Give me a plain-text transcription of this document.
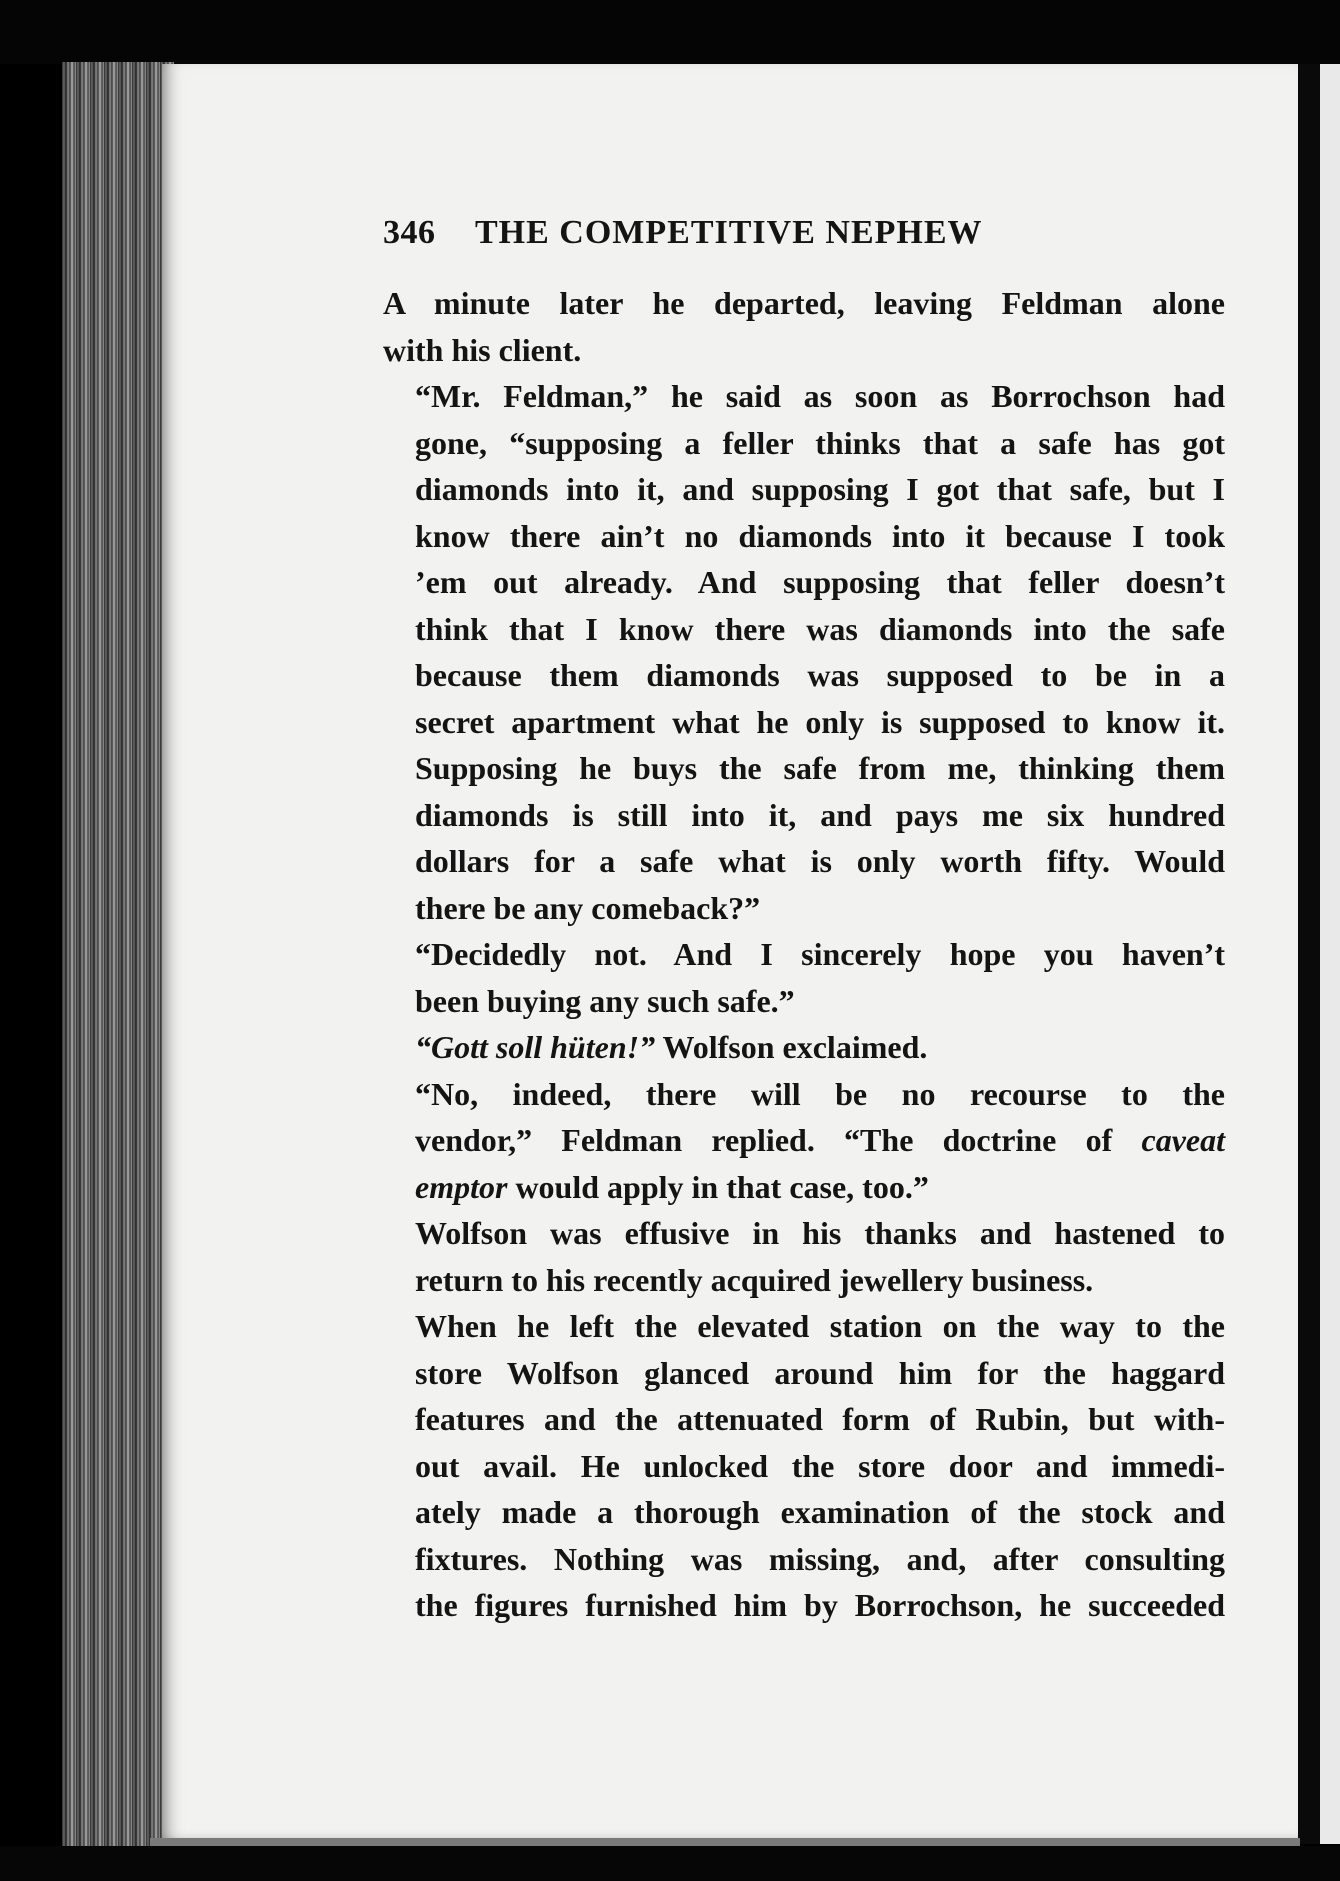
346	THE COMPETITIVE NEPHEW

A minute later he departed, leaving Feldman alone
with his client.

“Mr. Feldman,” he said as soon as Borrochson had
gone, “supposing a feller thinks that a safe has got
diamonds into it, and supposing I got that safe, but I
know there ain’t no diamonds into it because I took
’em out already. And supposing that feller doesn’t
think that I know there was diamonds into the safe
because them diamonds was supposed to be in a
secret apartment what he only is supposed to know it.
Supposing he buys the safe from me, thinking them
diamonds is still into it, and pays me six hundred
dollars for a safe what is only worth fifty. Would
there be any comeback?”

“Decidedly not. And I sincerely hope you haven’t
been buying any such safe.”

“Gott soll hüten!” Wolfson exclaimed.

“No, indeed, there will be no recourse to the
vendor,” Feldman replied. “The doctrine of caveat
emptor would apply in that case, too.”

Wolfson was effusive in his thanks and hastened to
return to his recently acquired jewellery business.

When he left the elevated station on the way to the
store Wolfson glanced around him for the haggard
features and the attenuated form of Rubin, but with-
out avail. He unlocked the store door and immedi-
ately made a thorough examination of the stock and
fixtures. Nothing was missing, and, after consulting
the figures furnished him by Borrochson, he succeeded
